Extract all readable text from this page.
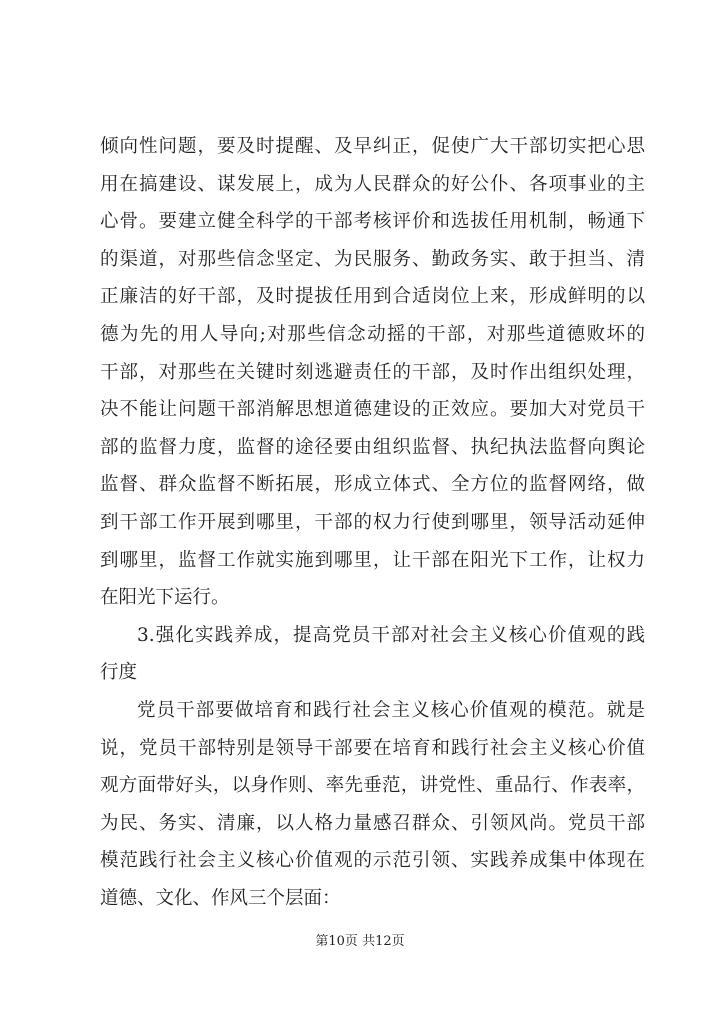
倾向性问题，要及时提醒、及早纠正，促使广大干部切实把心思
用在搞建设、谋发展上，成为人民群众的好公仆、各项事业的主
心骨。要建立健全科学的干部考核评价和选拔任用机制，畅通下
的渠道，对那些信念坚定、为民服务、勤政务实、敢于担当、清
正廉洁的好干部，及时提拔任用到合适岗位上来，形成鲜明的以
德为先的用人导向;对那些信念动摇的干部，对那些道德败坏的
干部，对那些在关键时刻逃避责任的干部，及时作出组织处理，
决不能让问题干部消解思想道德建设的正效应。要加大对党员干
部的监督力度，监督的途径要由组织监督、执纪执法监督向舆论
监督、群众监督不断拓展，形成立体式、全方位的监督网络，做
到干部工作开展到哪里，干部的权力行使到哪里，领导活动延伸
到哪里，监督工作就实施到哪里，让干部在阳光下工作，让权力
在阳光下运行。
3.强化实践养成，提高党员干部对社会主义核心价值观的践
行度
党员干部要做培育和践行社会主义核心价值观的模范。就是
说，党员干部特别是领导干部要在培育和践行社会主义核心价值
观方面带好头，以身作则、率先垂范，讲党性、重品行、作表率，
为民、务实、清廉，以人格力量感召群众、引领风尚。党员干部
模范践行社会主义核心价值观的示范引领、实践养成集中体现在
道德、文化、作风三个层面：
第10页 共12页
